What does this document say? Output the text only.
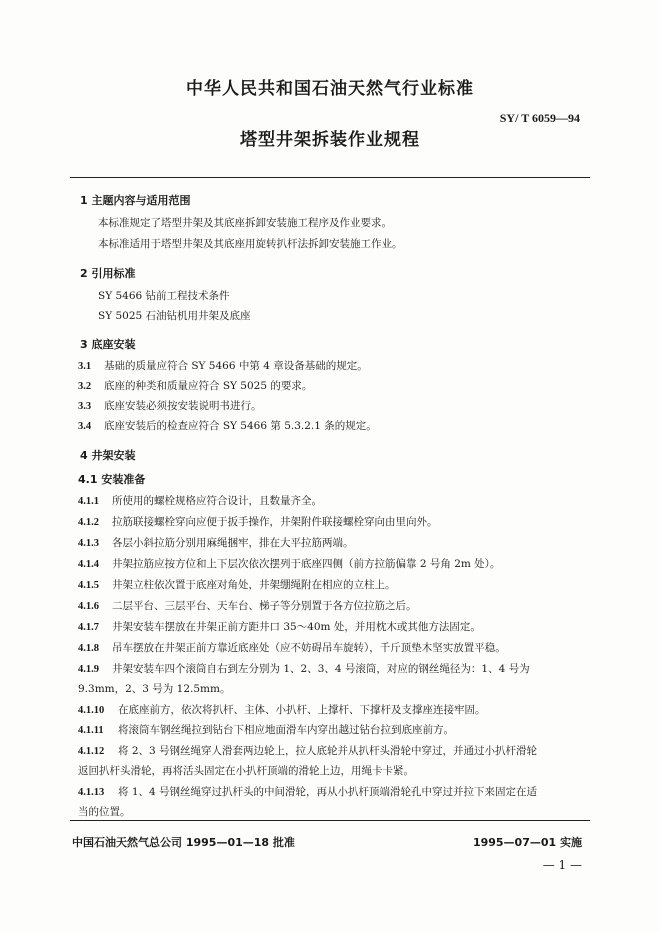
中华人民共和国石油天然气行业标准
SY/ T 6059—94
塔型井架拆装作业规程
1 主题内容与适用范围
本标准规定了塔型井架及其底座拆卸安装施工程序及作业要求。
本标准适用于塔型井架及其底座用旋转扒杆法拆卸安装施工作业。
2 引用标准
SY 5466 钻前工程技术条件
SY 5025 石油钻机用井架及底座
3 底座安装
3.1 基础的质量应符合 SY 5466 中第 4 章设备基础的规定。
3.2 底座的种类和质量应符合 SY 5025 的要求。
3.3 底座安装必须按安装说明书进行。
3.4 底座安装后的检查应符合 SY 5466 第 5.3.2.1 条的规定。
4 井架安装
4.1 安装准备
4.1.1 所使用的螺栓规格应符合设计，且数量齐全。
4.1.2 拉筋联接螺栓穿向应便于扳手操作，井架附件联接螺栓穿向由里向外。
4.1.3 各层小斜拉筋分别用麻绳捆牢，排在大平拉筋两端。
4.1.4 井架拉筋应按方位和上下层次依次摆列于底座四侧（前方拉筋偏靠 2 号角 2m 处）。
4.1.5 井架立柱依次置于底座对角处，井架绷绳附在相应的立柱上。
4.1.6 二层平台、三层平台、天车台、梯子等分别置于各方位拉筋之后。
4.1.7 井架安装车摆放在井架正前方距井口 35～40m 处，并用枕木或其他方法固定。
4.1.8 吊车摆放在井架正前方靠近底座处（应不妨碍吊车旋转），千斤顶垫木坚实放置平稳。
4.1.9 井架安装车四个滚筒自右到左分别为 1、2、3、4 号滚筒，对应的钢丝绳径为：1、4 号为
9.3mm，2、3 号为 12.5mm。
4.1.10 在底座前方，依次将扒杆、主体、小扒杆、上撑杆、下撑杆及支撑座连接牢固。
4.1.11 将滚筒车钢丝绳拉到钻台下相应地面滑车内穿出越过钻台拉到底座前方。
4.1.12 将 2、3 号钢丝绳穿人滑套两边轮上，拉人底轮并从扒杆头滑轮中穿过，并通过小扒杆滑轮
返回扒杆头滑轮，再将活头固定在小扒杆顶端的滑轮上边，用绳卡卡紧。
4.1.13 将 1、4 号钢丝绳穿过扒杆头的中间滑轮，再从小扒杆顶端滑轮孔中穿过并拉下来固定在适
当的位置。
中国石油天然气总公司 1995—01—18 批准	1995—07—01 实施
— 1 —
